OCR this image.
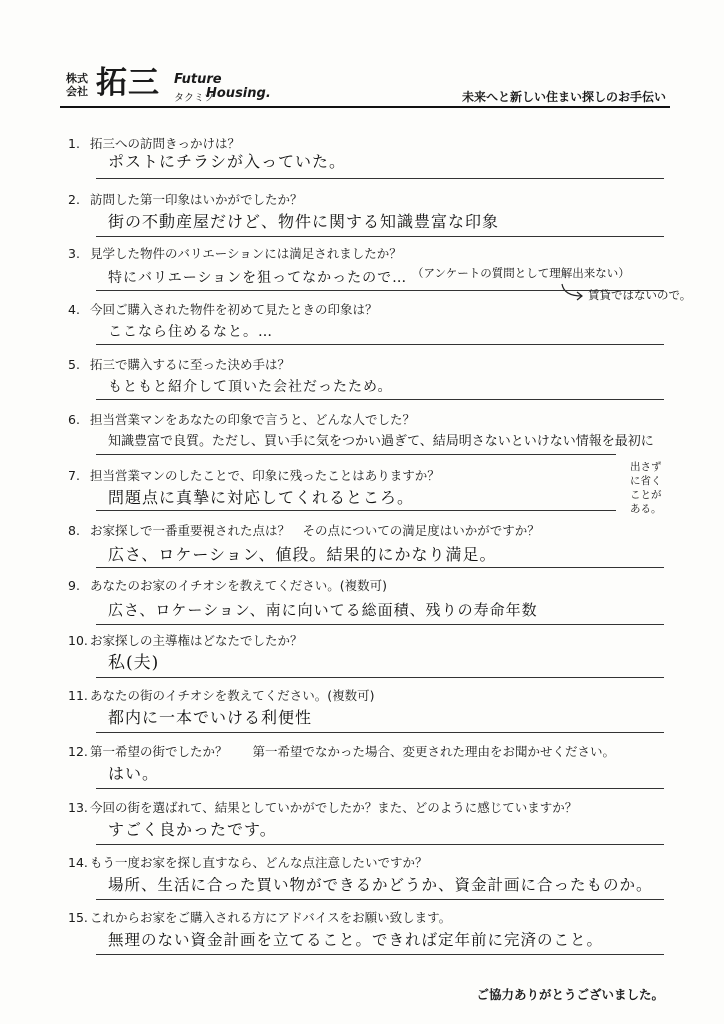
株式会社 拓三 Future
タクミツ
Housing.	未来へと新しい住まい探しのお手伝い
1. 拓三への訪問きっかけは？
ポストにチラシが入っていた。
2. 訪問した第一印象はいかがでしたか？
街の不動産屋だけど、物件に関する知識豊富な印象
3. 見学した物件のバリエーションには満足されましたか？
特にバリエーションを狙ってなかったので… （アンケートの質問として理解出来ない）
賃貸ではないので。
4. 今回ご購入された物件を初めて見たときの印象は？
ここなら住めるなと。…
5. 拓三で購入するに至った決め手は？
もともと紹介して頂いた会社だったため。
6. 担当営業マンをあなたの印象で言うと、どんな人でした？
知識豊富で良質。ただし、買い手に気をつかい過ぎて、結局明さないといけない情報を最初に
出さずに省くことがある。
7. 担当営業マンのしたことで、印象に残ったことはありますか？
問題点に真摯に対応してくれるところ。
8. お家探しで一番重要視された点は？　その点についての満足度はいかがですか？
広さ、ロケーション、値段。結果的にかなり満足。
9. あなたのお家のイチオシを教えてください。(複数可)
広さ、ロケーション、南に向いてる総面積、残りの寿命年数
10. お家探しの主導権はどなたでしたか？
私(夫)
11. あなたの街のイチオシを教えてください。(複数可)
都内に一本でいける利便性
12. 第一希望の街でしたか？　　第一希望でなかった場合、変更された理由をお聞かせください。
はい。
13. 今回の街を選ばれて、結果としていかがでしたか？また、どのように感じていますか？
すごく良かったです。
14. もう一度お家を探し直すなら、どんな点注意したいですか？
場所、生活に合った買い物ができるかどうか、資金計画に合ったものか。
15. これからお家をご購入される方にアドバイスをお願い致します。
無理のない資金計画を立てること。できれば定年前に完済のこと。
ご協力ありがとうございました。
